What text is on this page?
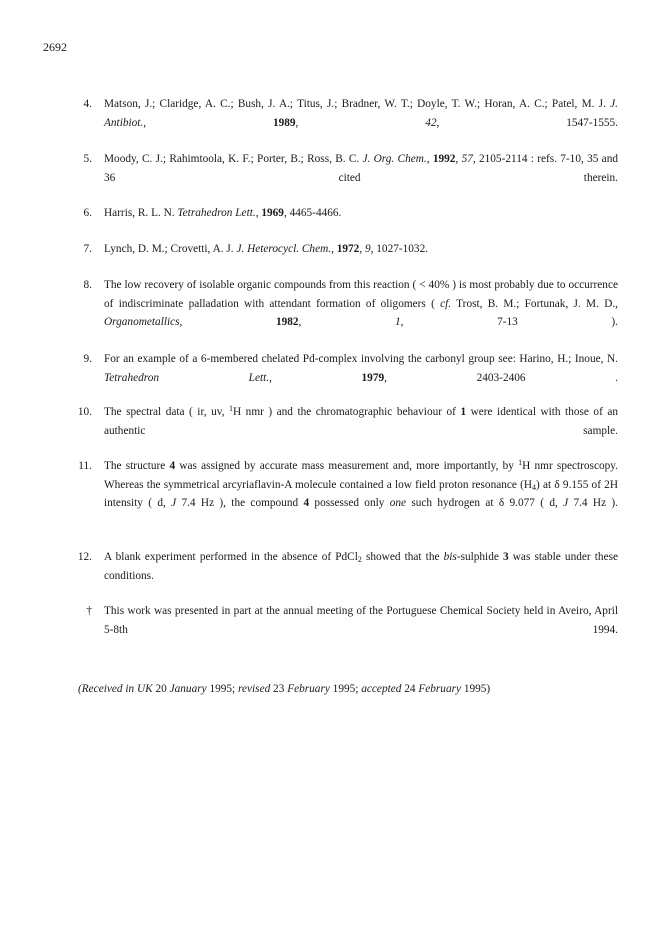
2692
4. Matson, J.; Claridge, A. C.; Bush, J. A.; Titus, J.; Bradner, W. T.; Doyle, T. W.; Horan, A. C.; Patel, M. J. J. Antibiot., 1989, 42, 1547-1555.
5. Moody, C. J.; Rahimtoola, K. F.; Porter, B.; Ross, B. C. J. Org. Chem., 1992, 57, 2105-2114 : refs. 7-10, 35 and 36 cited therein.
6. Harris, R. L. N. Tetrahedron Lett., 1969, 4465-4466.
7. Lynch, D. M.; Crovetti, A. J. J. Heterocycl. Chem., 1972, 9, 1027-1032.
8. The low recovery of isolable organic compounds from this reaction ( < 40% ) is most probably due to occurrence of indiscriminate palladation with attendant formation of oligomers ( cf. Trost, B. M.; Fortunak, J. M. D., Organometallics, 1982, 1, 7-13 ).
9. For an example of a 6-membered chelated Pd-complex involving the carbonyl group see: Harino, H.; Inoue, N. Tetrahedron Lett., 1979, 2403-2406 .
10. The spectral data ( ir, uv, $^1$H nmr ) and the chromatographic behaviour of 1 were identical with those of an authentic sample.
11. The structure 4 was assigned by accurate mass measurement and, more importantly, by $^1$H nmr spectroscopy. Whereas the symmetrical arcyriaflavin-A molecule contained a low field proton resonance $(H_4)$ at δ 9.155 of 2H intensity ( d, J 7.4 Hz ), the compound 4 possessed only one such hydrogen at δ 9.077 ( d, J 7.4 Hz ).
12. A blank experiment performed in the absence of PdCl$_2$ showed that the bis-sulphide 3 was stable under these conditions.
† This work was presented in part at the annual meeting of the Portuguese Chemical Society held in Aveiro, April 5-8th 1994.
(Received in UK 20 January 1995; revised 23 February 1995; accepted 24 February 1995)
